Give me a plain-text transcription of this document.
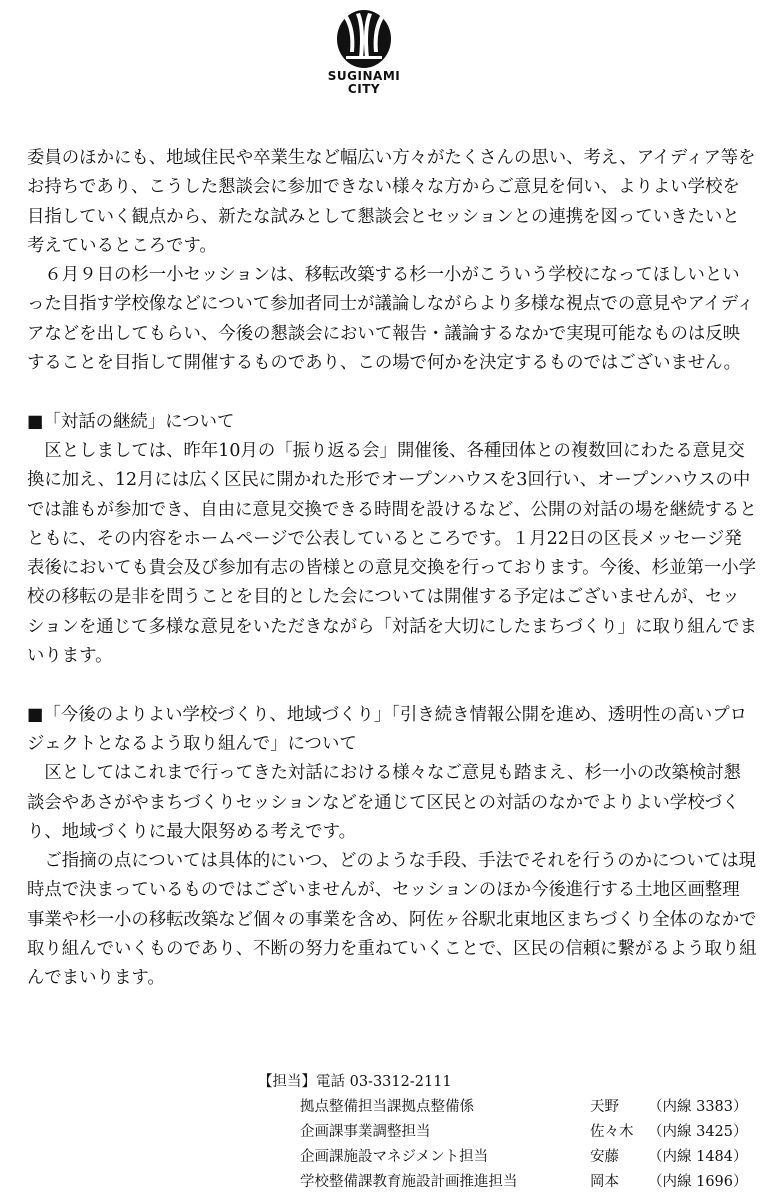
SUGINAMI
CITY

委員のほかにも、地域住民や卒業生など幅広い方々がたくさんの思い、考え、アイディア等をお持ちであり、こうした懇談会に参加できない様々な方からご意見を伺い、よりよい学校を目指していく観点から、新たな試みとして懇談会とセッションとの連携を図っていきたいと考えているところです。

６月９日の杉一小セッションは、移転改築する杉一小がこういう学校になってほしいといった目指す学校像などについて参加者同士が議論しながらより多様な視点での意見やアイディアなどを出してもらい、今後の懇談会において報告・議論するなかで実現可能なものは反映することを目指して開催するものであり、この場で何かを決定するものではございません。

■「対話の継続」について

区としましては、昨年10月の「振り返る会」開催後、各種団体との複数回にわたる意見交換に加え、12月には広く区民に開かれた形でオープンハウスを3回行い、オープンハウスの中では誰もが参加でき、自由に意見交換できる時間を設けるなど、公開の対話の場を継続するとともに、その内容をホームページで公表しているところです。１月22日の区長メッセージ発表後においても貴会及び参加有志の皆様との意見交換を行っております。今後、杉並第一小学校の移転の是非を問うことを目的とした会については開催する予定はございませんが、セッションを通じて多様な意見をいただきながら「対話を大切にしたまちづくり」に取り組んでまいります。

■「今後のよりよい学校づくり、地域づくり」「引き続き情報公開を進め、透明性の高いプロジェクトとなるよう取り組んで」について

区としてはこれまで行ってきた対話における様々なご意見も踏まえ、杉一小の改築検討懇談会やあさがやまちづくりセッションなどを通じて区民との対話のなかでよりよい学校づくり、地域づくりに最大限努める考えです。

ご指摘の点については具体的にいつ、どのような手段、手法でそれを行うのかについては現時点で決まっているものではございませんが、セッションのほか今後進行する土地区画整理事業や杉一小の移転改築など個々の事業を含め、阿佐ヶ谷駅北東地区まちづくり全体のなかで取り組んでいくものであり、不断の努力を重ねていくことで、区民の信頼に繋がるよう取り組んでまいります。

【担当】電話 03-3312-2111
拠点整備担当課拠点整備係	天野	（内線 3383）
企画課事業調整担当	佐々木	（内線 3425）
企画課施設マネジメント担当	安藤	（内線 1484）
学校整備課教育施設計画推進担当	岡本	（内線 1696）
